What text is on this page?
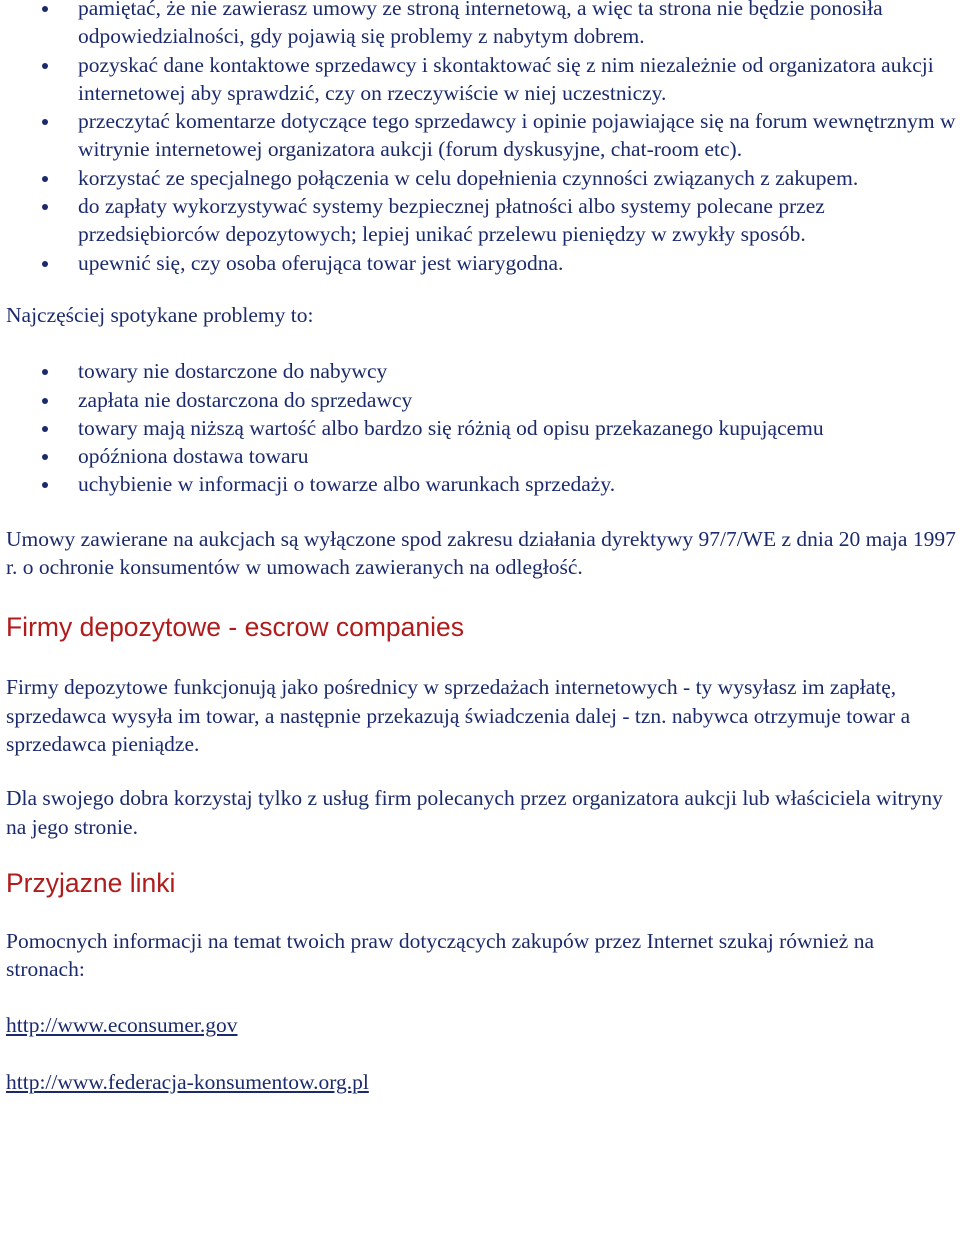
pamiętać, że nie zawierasz umowy ze stroną internetową, a więc ta strona nie będzie ponosiła odpowiedzialności, gdy pojawią się problemy z nabytym dobrem.
pozyskać dane kontaktowe sprzedawcy i skontaktować się z nim niezależnie od organizatora aukcji internetowej aby sprawdzić, czy on rzeczywiście w niej uczestniczy.
przeczytać komentarze dotyczące tego sprzedawcy i opinie pojawiające się na forum wewnętrznym w witrynie internetowej organizatora aukcji (forum dyskusyjne, chat-room etc).
korzystać ze specjalnego połączenia w celu dopełnienia czynności związanych z zakupem.
do zapłaty wykorzystywać systemy bezpiecznej płatności albo systemy polecane przez przedsiębiorców depozytowych; lepiej unikać przelewu pieniędzy w zwykły sposób.
upewnić się, czy osoba oferująca towar jest wiarygodna.

Najczęściej spotykane problemy to:

towary nie dostarczone do nabywcy
zapłata nie dostarczona do sprzedawcy
towary mają niższą wartość albo bardzo się różnią od opisu przekazanego kupującemu
opóźniona dostawa towaru
uchybienie w informacji o towarze albo warunkach sprzedaży.

Umowy zawierane na aukcjach są wyłączone spod zakresu działania dyrektywy 97/7/WE z dnia 20 maja 1997 r. o ochronie konsumentów w umowach zawieranych na odległość.

Firmy depozytowe - escrow companies

Firmy depozytowe funkcjonują jako pośrednicy w sprzedażach internetowych - ty wysyłasz im zapłatę, sprzedawca wysyła im towar, a następnie przekazują świadczenia dalej - tzn. nabywca otrzymuje towar a sprzedawca pieniądze.

Dla swojego dobra korzystaj tylko z usług firm polecanych przez organizatora aukcji lub właściciela witryny na jego stronie.

Przyjazne linki

Pomocnych informacji na temat twoich praw dotyczących zakupów przez Internet szukaj również na stronach:

http://www.econsumer.gov

http://www.federacja-konsumentow.org.pl
